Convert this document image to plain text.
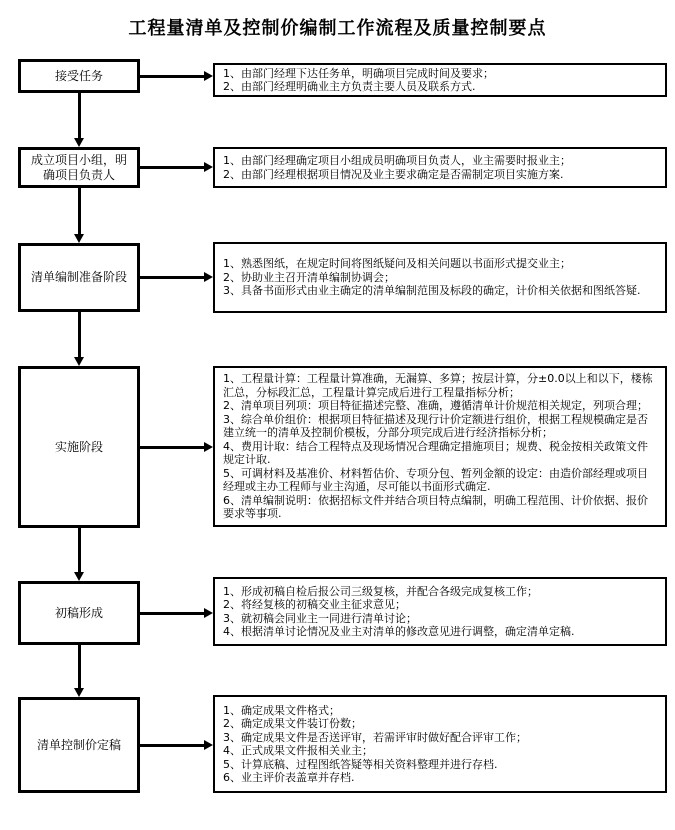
工程量清单及控制价编制工作流程及质量控制要点
接受任务	1、由部门经理下达任务单，明确项目完成时间及要求；

2、由部门经理明确业主方负责主要人员及联系方式.

成立项目小组，明确项目负责人

1、由部门经理确定项目小组成员明确项目负责人，业主需要时报业主；

2、由部门经理根据项目情况及业主要求确定是否需制定项目实施方案.

清单编制准备阶段

1、熟悉图纸，在规定时间将图纸疑问及相关问题以书面形式提交业主；

2、协助业主召开清单编制协调会；

3、具备书面形式由业主确定的清单编制范围及标段的确定，计价相关依据和图纸答疑.

实施阶段

1、工程量计算：工程量计算准确，无漏算、多算；按层计算，分±0.0以上和以下，楼栋汇总，分标段汇总，工程量计算完成后进行工程量指标分析；

2、清单项目列项：项目特征描述完整、准确，遵循清单计价规范相关规定，列项合理；

3、综合单价组价：根据项目特征描述及现行计价定额进行组价，根据工程规模确定是否建立统一的清单及控制价模板，分部分项完成后进行经济指标分析；

4、费用计取：结合工程特点及现场情况合理确定措施项目；规费、税金按相关政策文件规定计取.

5、可调材料及基准价、材料暂估价、专项分包、暂列金额的设定：由造价部经理或项目经理或主办工程师与业主沟通，尽可能以书面形式确定.

6、清单编制说明：依据招标文件并结合项目特点编制，明确工程范围、计价依据、报价要求等事项.

初稿形成

1、形成初稿自检后报公司三级复核，并配合各级完成复核工作；

2、将经复核的初稿交业主征求意见；

3、就初稿会同业主一同进行清单讨论；

4、根据清单讨论情况及业主对清单的修改意见进行调整，确定清单定稿.

清单控制价定稿

1、确定成果文件格式；

2、确定成果文件装订份数；

3、确定成果文件是否送评审，若需评审时做好配合评审工作；

4、正式成果文件报相关业主；

5、计算底稿、过程图纸答疑等相关资料整理并进行存档.

6、业主评价表盖章并存档.
